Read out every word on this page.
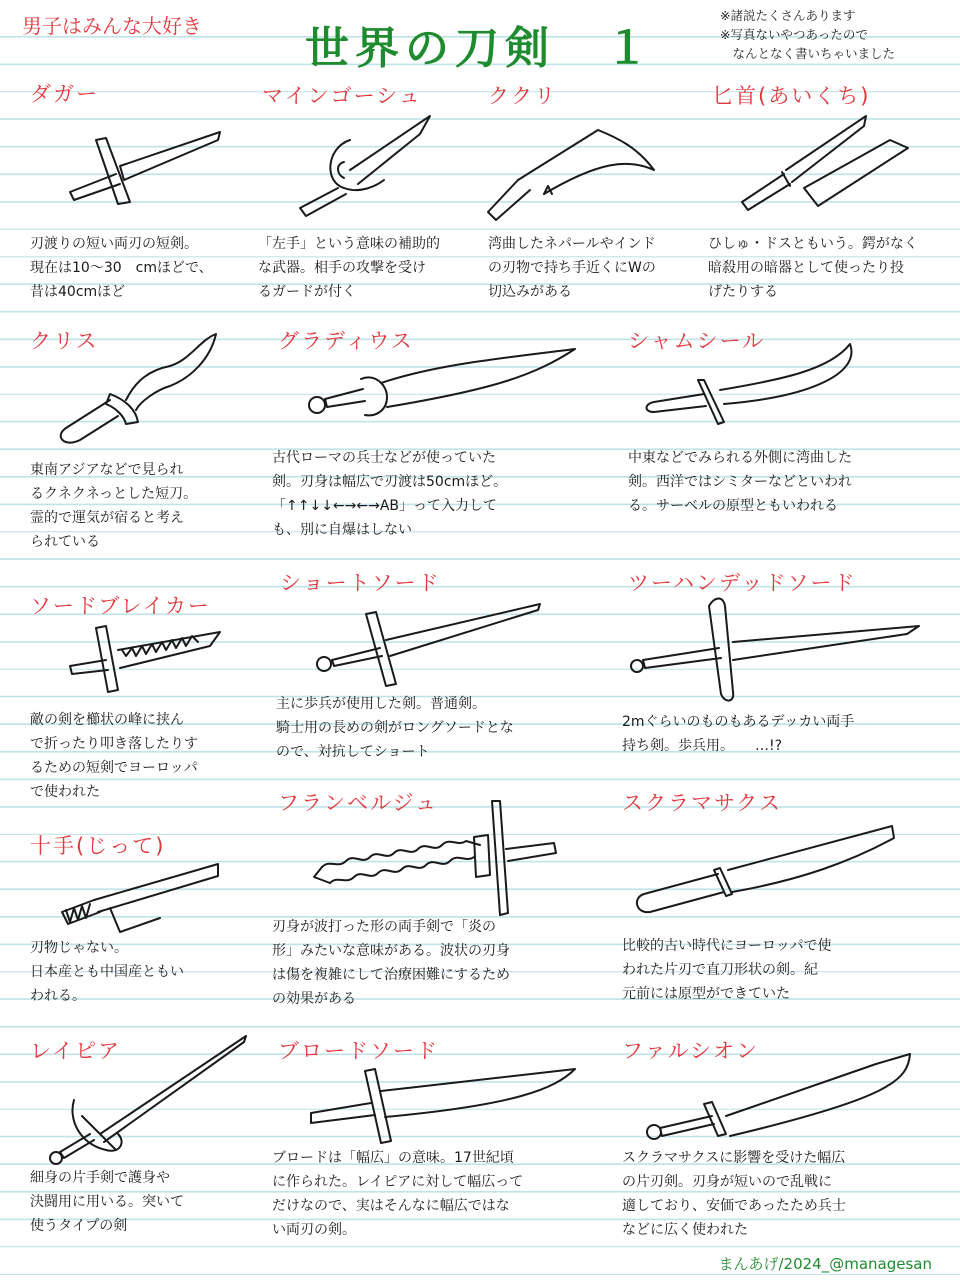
男子はみんな大好き 世界の刀剣　１
※諸説たくさんあります
※写真ないやつあったので
　なんとなく書いちゃいました
ダガー
刃渡りの短い両刃の短剣。
現在は10〜30　cmほどで、
昔は40cmほど
マインゴーシュ
「左手」という意味の補助的
な武器。相手の攻撃を受け
るガードが付く
ククリ
湾曲したネパールやインド
の刃物で持ち手近くにWの
切込みがある
匕首(あいくち)
ひしゅ・ドスともいう。鍔がなく
暗殺用の暗器として使ったり投
げたりする
クリス
東南アジアなどで見られ
るクネクネっとした短刀。
霊的で運気が宿ると考え
られている
グラディウス
古代ローマの兵士などが使っていた
剣。刃身は幅広で刃渡は50cmほど。
「↑↑↓↓←→←→AB」って入力して
も、別に自爆はしない
シャムシール
中東などでみられる外側に湾曲した
剣。西洋ではシミターなどといわれ
る。サーベルの原型ともいわれる
ソードブレイカー
敵の剣を櫛状の峰に挟ん
で折ったり叩き落したりす
るための短剣でヨーロッパ
で使われた
ショートソード
主に歩兵が使用した剣。普通剣。
騎士用の長めの剣がロングソードとな
ので、対抗してショート
ツーハンデッドソード
2mぐらいのものもあるデッカい両手
持ち剣。歩兵用。　　…!?
十手(じって)
刃物じゃない。
日本産とも中国産ともい
われる。
フランベルジュ
刃身が波打った形の両手剣で「炎の
形」みたいな意味がある。波状の刃身
は傷を複雑にして治療困難にするため
の効果がある
スクラマサクス
比較的古い時代にヨーロッパで使
われた片刃で直刀形状の剣。紀
元前には原型ができていた
レイピア
細身の片手剣で護身や
決闘用に用いる。突いて
使うタイプの剣
ブロードソード
ブロードは「幅広」の意味。17世紀頃
に作られた。レイピアに対して幅広って
だけなので、実はそんなに幅広ではな
い両刃の剣。
ファルシオン
スクラマサクスに影響を受けた幅広
の片刃剣。刃身が短いので乱戦に
適しており、安価であったため兵士
などに広く使われた
まんあげ/2024_@managesan
